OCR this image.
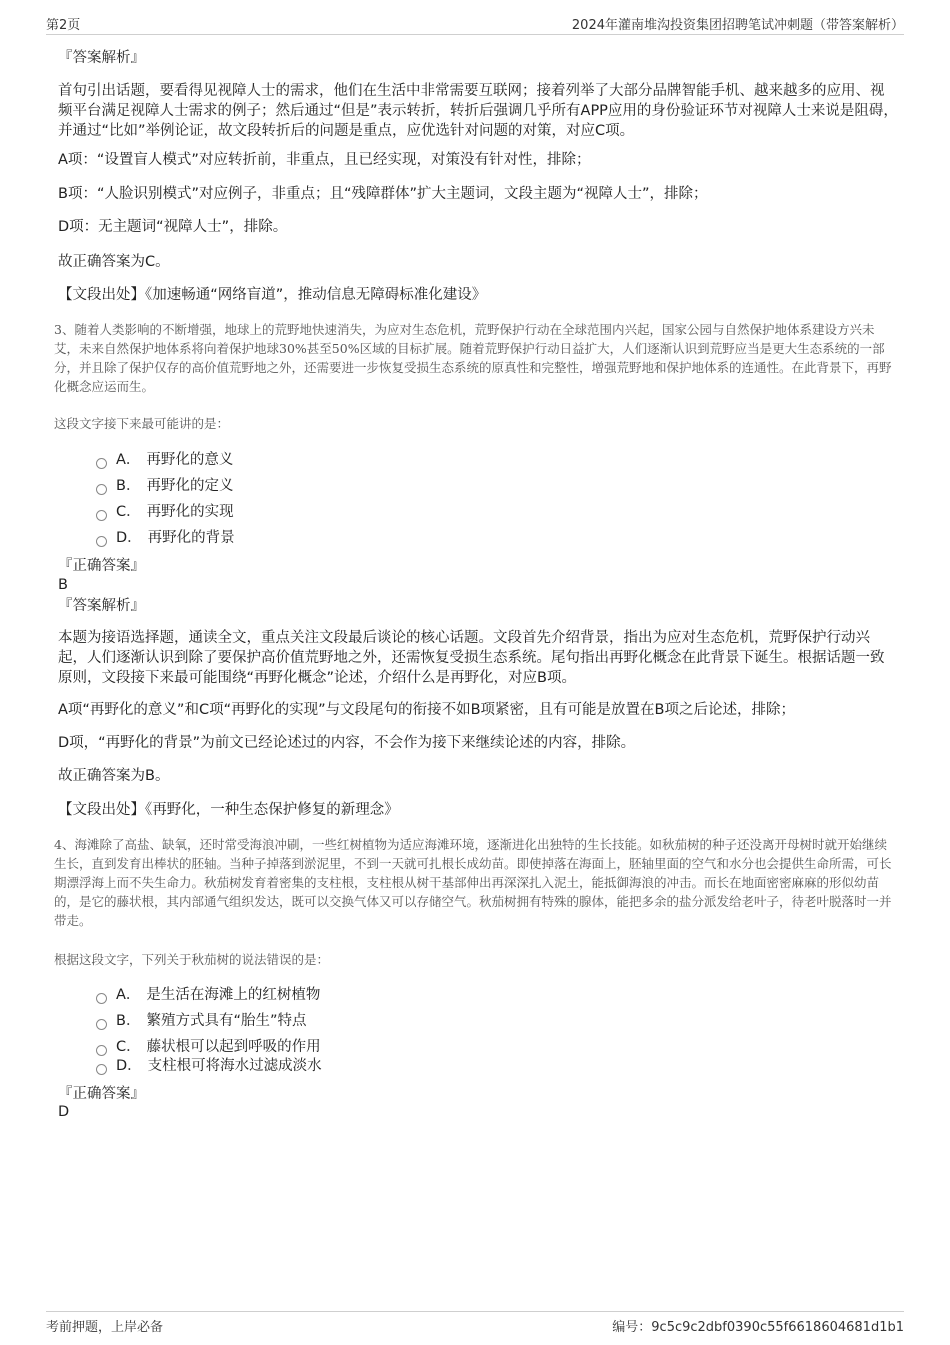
第2页	2024年灌南堆沟投资集团招聘笔试冲刺题（带答案解析）

『答案解析』

首句引出话题，要看得见视障人士的需求，他们在生活中非常需要互联网；接着列举了大部分品牌智能手机、越来越多的应用、视频平台满足视障人士需求的例子；然后通过“但是”表示转折，转折后强调几乎所有APP应用的身份验证环节对视障人士来说是阻碍，并通过“比如”举例论证，故文段转折后的问题是重点，应优选针对问题的对策，对应C项。

A项：“设置盲人模式”对应转折前，非重点，且已经实现，对策没有针对性，排除；

B项：“人脸识别模式”对应例子，非重点；且“残障群体”扩大主题词，文段主题为“视障人士”，排除；

D项：无主题词“视障人士”，排除。

故正确答案为C。

【文段出处】《加速畅通“网络盲道”，推动信息无障碍标准化建设》

3、随着人类影响的不断增强，地球上的荒野地快速消失，为应对生态危机，荒野保护行动在全球范围内兴起，国家公园与自然保护地体系建设方兴未艾，未来自然保护地体系将向着保护地球30%甚至50%区域的目标扩展。随着荒野保护行动日益扩大，人们逐渐认识到荒野应当是更大生态系统的一部分，并且除了保护仅存的高价值荒野地之外，还需要进一步恢复受损生态系统的原真性和完整性，增强荒野地和保护地体系的连通性。在此背景下，再野化概念应运而生。

这段文字接下来最可能讲的是：

A． 再野化的意义
B． 再野化的定义
C． 再野化的实现
D． 再野化的背景

『正确答案』

B

『答案解析』

本题为接语选择题，通读全文，重点关注文段最后谈论的核心话题。文段首先介绍背景，指出为应对生态危机，荒野保护行动兴起，人们逐渐认识到除了要保护高价值荒野地之外，还需恢复受损生态系统。尾句指出再野化概念在此背景下诞生。根据话题一致原则，文段接下来最可能围绕“再野化概念”论述，介绍什么是再野化，对应B项。

A项“再野化的意义”和C项“再野化的实现”与文段尾句的衔接不如B项紧密，且有可能是放置在B项之后论述，排除；

D项，“再野化的背景”为前文已经论述过的内容，不会作为接下来继续论述的内容，排除。

故正确答案为B。

【文段出处】《再野化，一种生态保护修复的新理念》

4、海滩除了高盐、缺氧，还时常受海浪冲刷，一些红树植物为适应海滩环境，逐渐进化出独特的生长技能。如秋茄树的种子还没离开母树时就开始继续生长，直到发育出棒状的胚轴。当种子掉落到淤泥里，不到一天就可扎根长成幼苗。即使掉落在海面上，胚轴里面的空气和水分也会提供生命所需，可长期漂浮海上而不失生命力。秋茄树发育着密集的支柱根，支柱根从树干基部伸出再深深扎入泥土，能抵御海浪的冲击。而长在地面密密麻麻的形似幼苗的，是它的藤状根，其内部通气组织发达，既可以交换气体又可以存储空气。秋茄树拥有特殊的腺体，能把多余的盐分派发给老叶子，待老叶脱落时一并带走。

根据这段文字，下列关于秋茄树的说法错误的是：

A． 是生活在海滩上的红树植物
B． 繁殖方式具有“胎生”特点
C． 藤状根可以起到呼吸的作用
D． 支柱根可将海水过滤成淡水

『正确答案』

D

考前押题，上岸必备	编号：9c5c9c2dbf0390c55f6618604681d1b1
